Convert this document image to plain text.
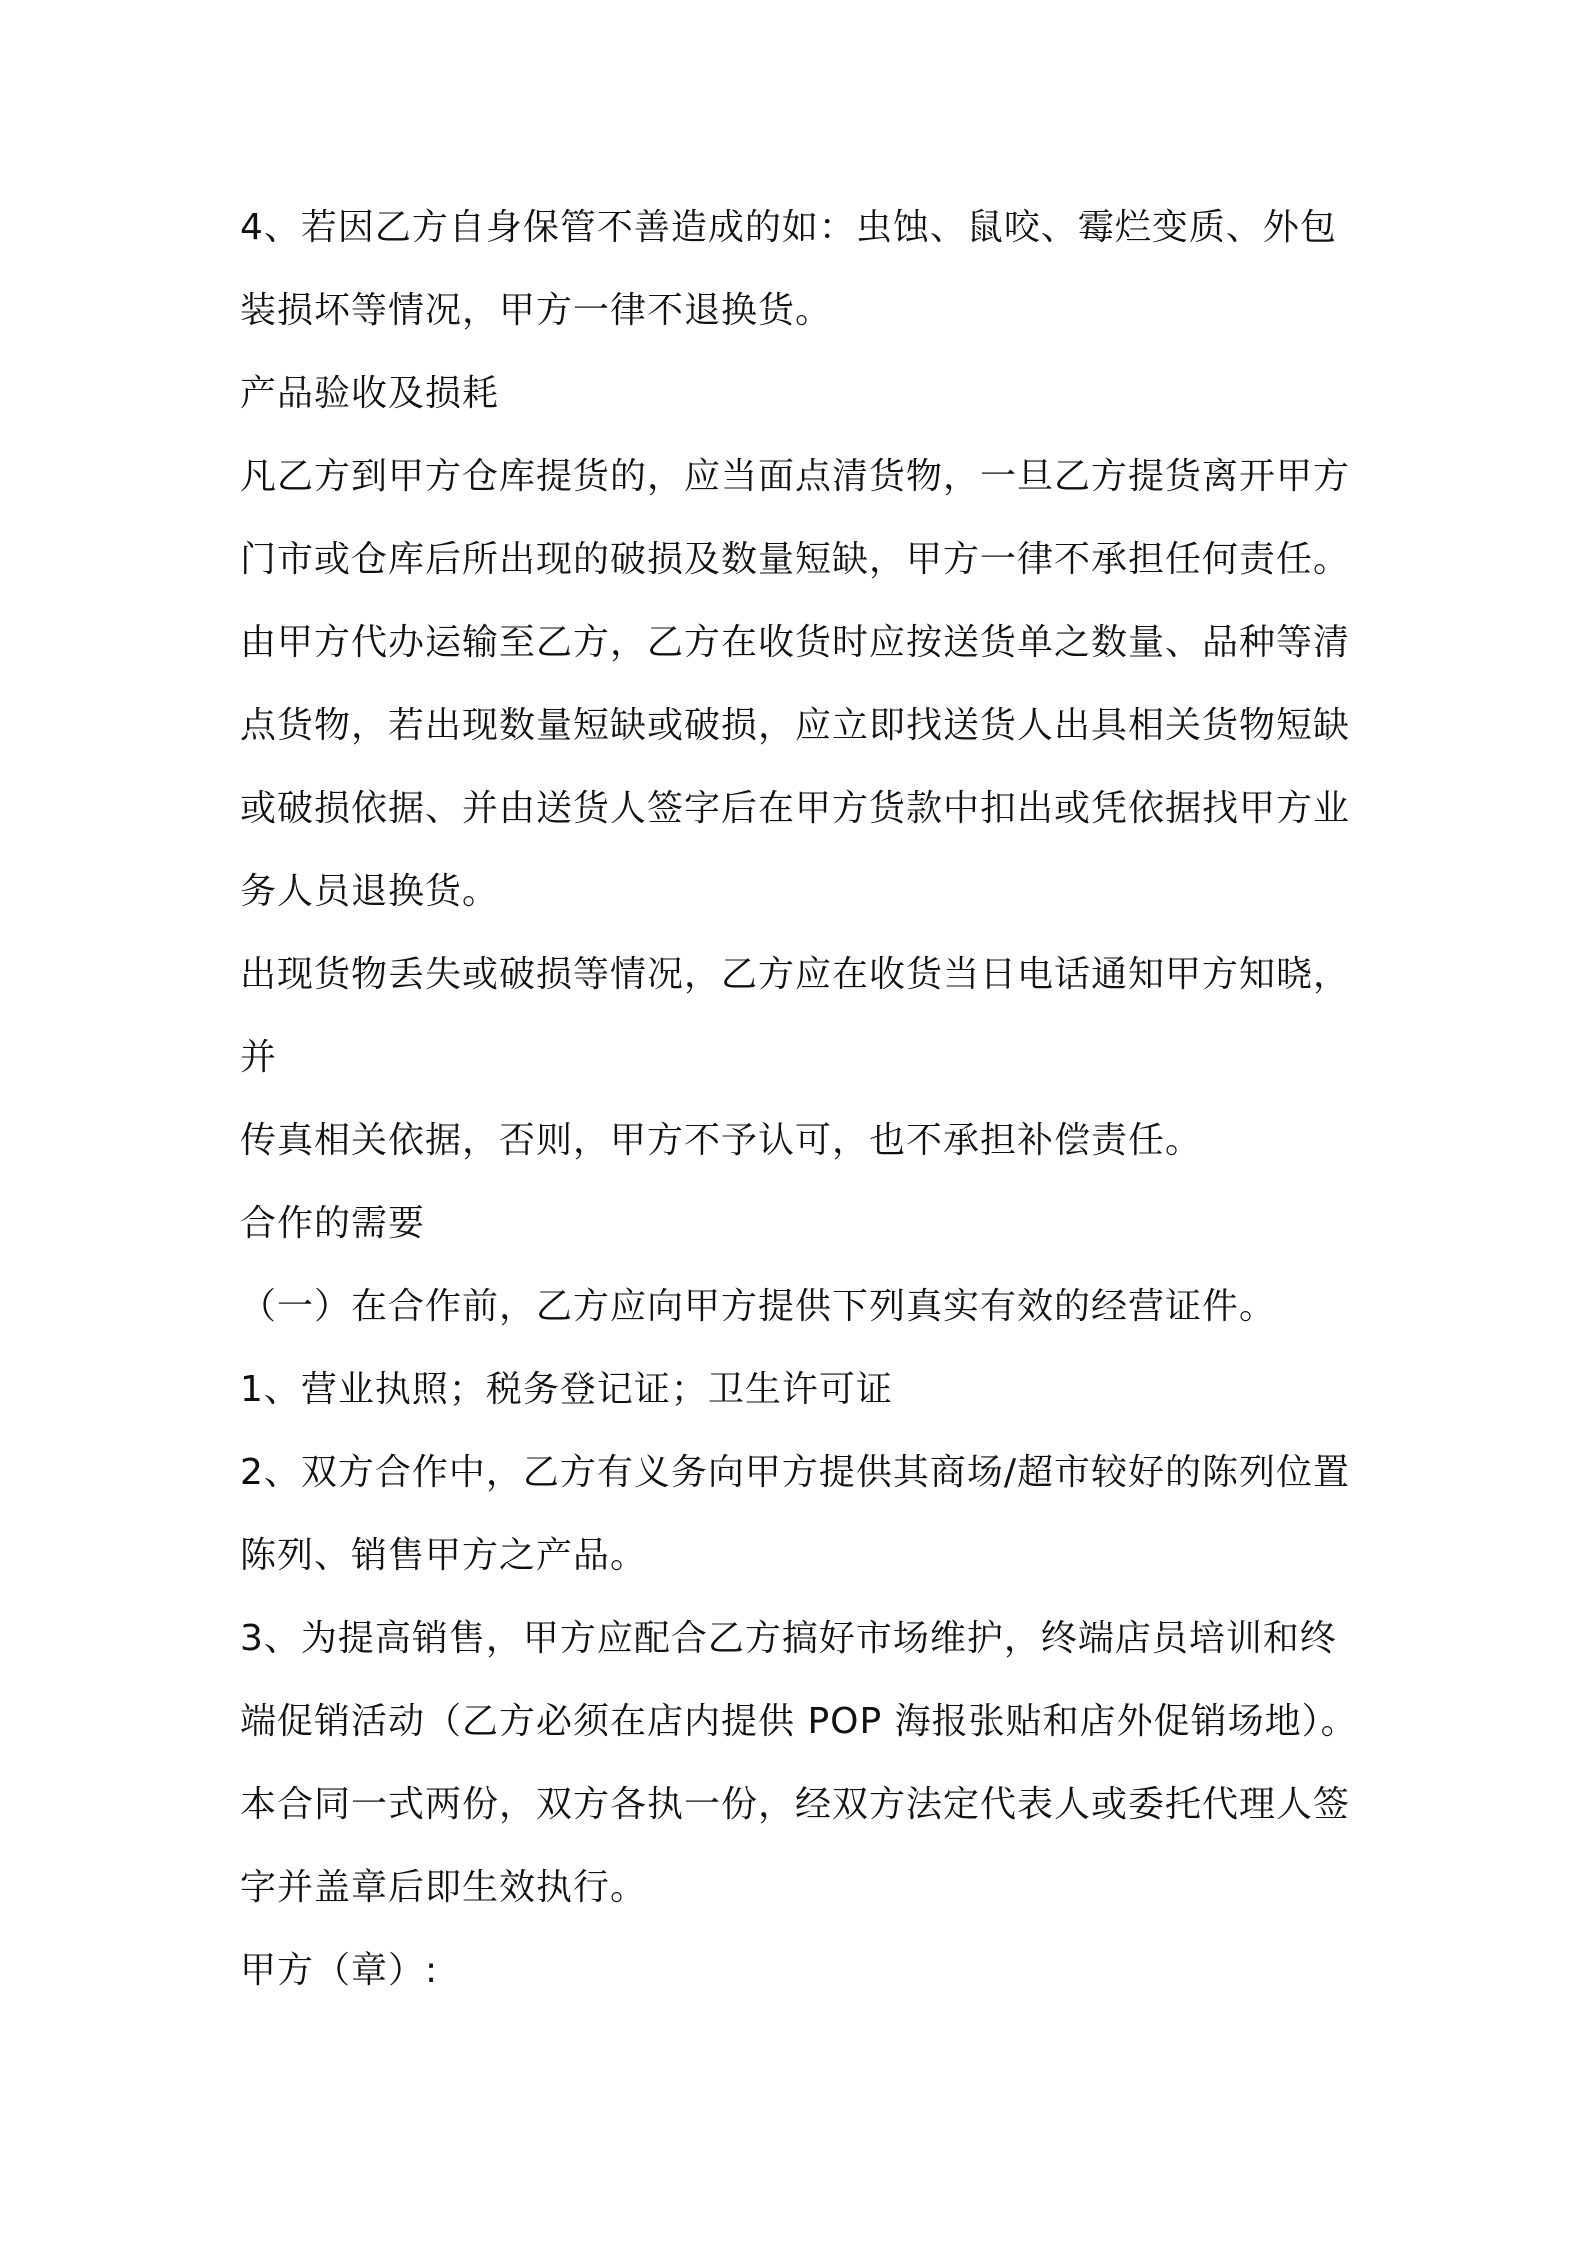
4、若因乙方自身保管不善造成的如：虫蚀、鼠咬、霉烂变质、外包
装损坏等情况，甲方一律不退换货。
产品验收及损耗
凡乙方到甲方仓库提货的，应当面点清货物，一旦乙方提货离开甲方
门市或仓库后所出现的破损及数量短缺，甲方一律不承担任何责任。
由甲方代办运输至乙方，乙方在收货时应按送货单之数量、品种等清
点货物，若出现数量短缺或破损，应立即找送货人出具相关货物短缺
或破损依据、并由送货人签字后在甲方货款中扣出或凭依据找甲方业
务人员退换货。
出现货物丢失或破损等情况，乙方应在收货当日电话通知甲方知晓，
并
传真相关依据，否则，甲方不予认可，也不承担补偿责任。
合作的需要
（一）在合作前，乙方应向甲方提供下列真实有效的经营证件。
1、营业执照；税务登记证；卫生许可证
2、双方合作中，乙方有义务向甲方提供其商场/超市较好的陈列位置
陈列、销售甲方之产品。
3、为提高销售，甲方应配合乙方搞好市场维护，终端店员培训和终
端促销活动（乙方必须在店内提供 POP 海报张贴和店外促销场地）。
本合同一式两份，双方各执一份，经双方法定代表人或委托代理人签
字并盖章后即生效执行。
甲方（章）:
